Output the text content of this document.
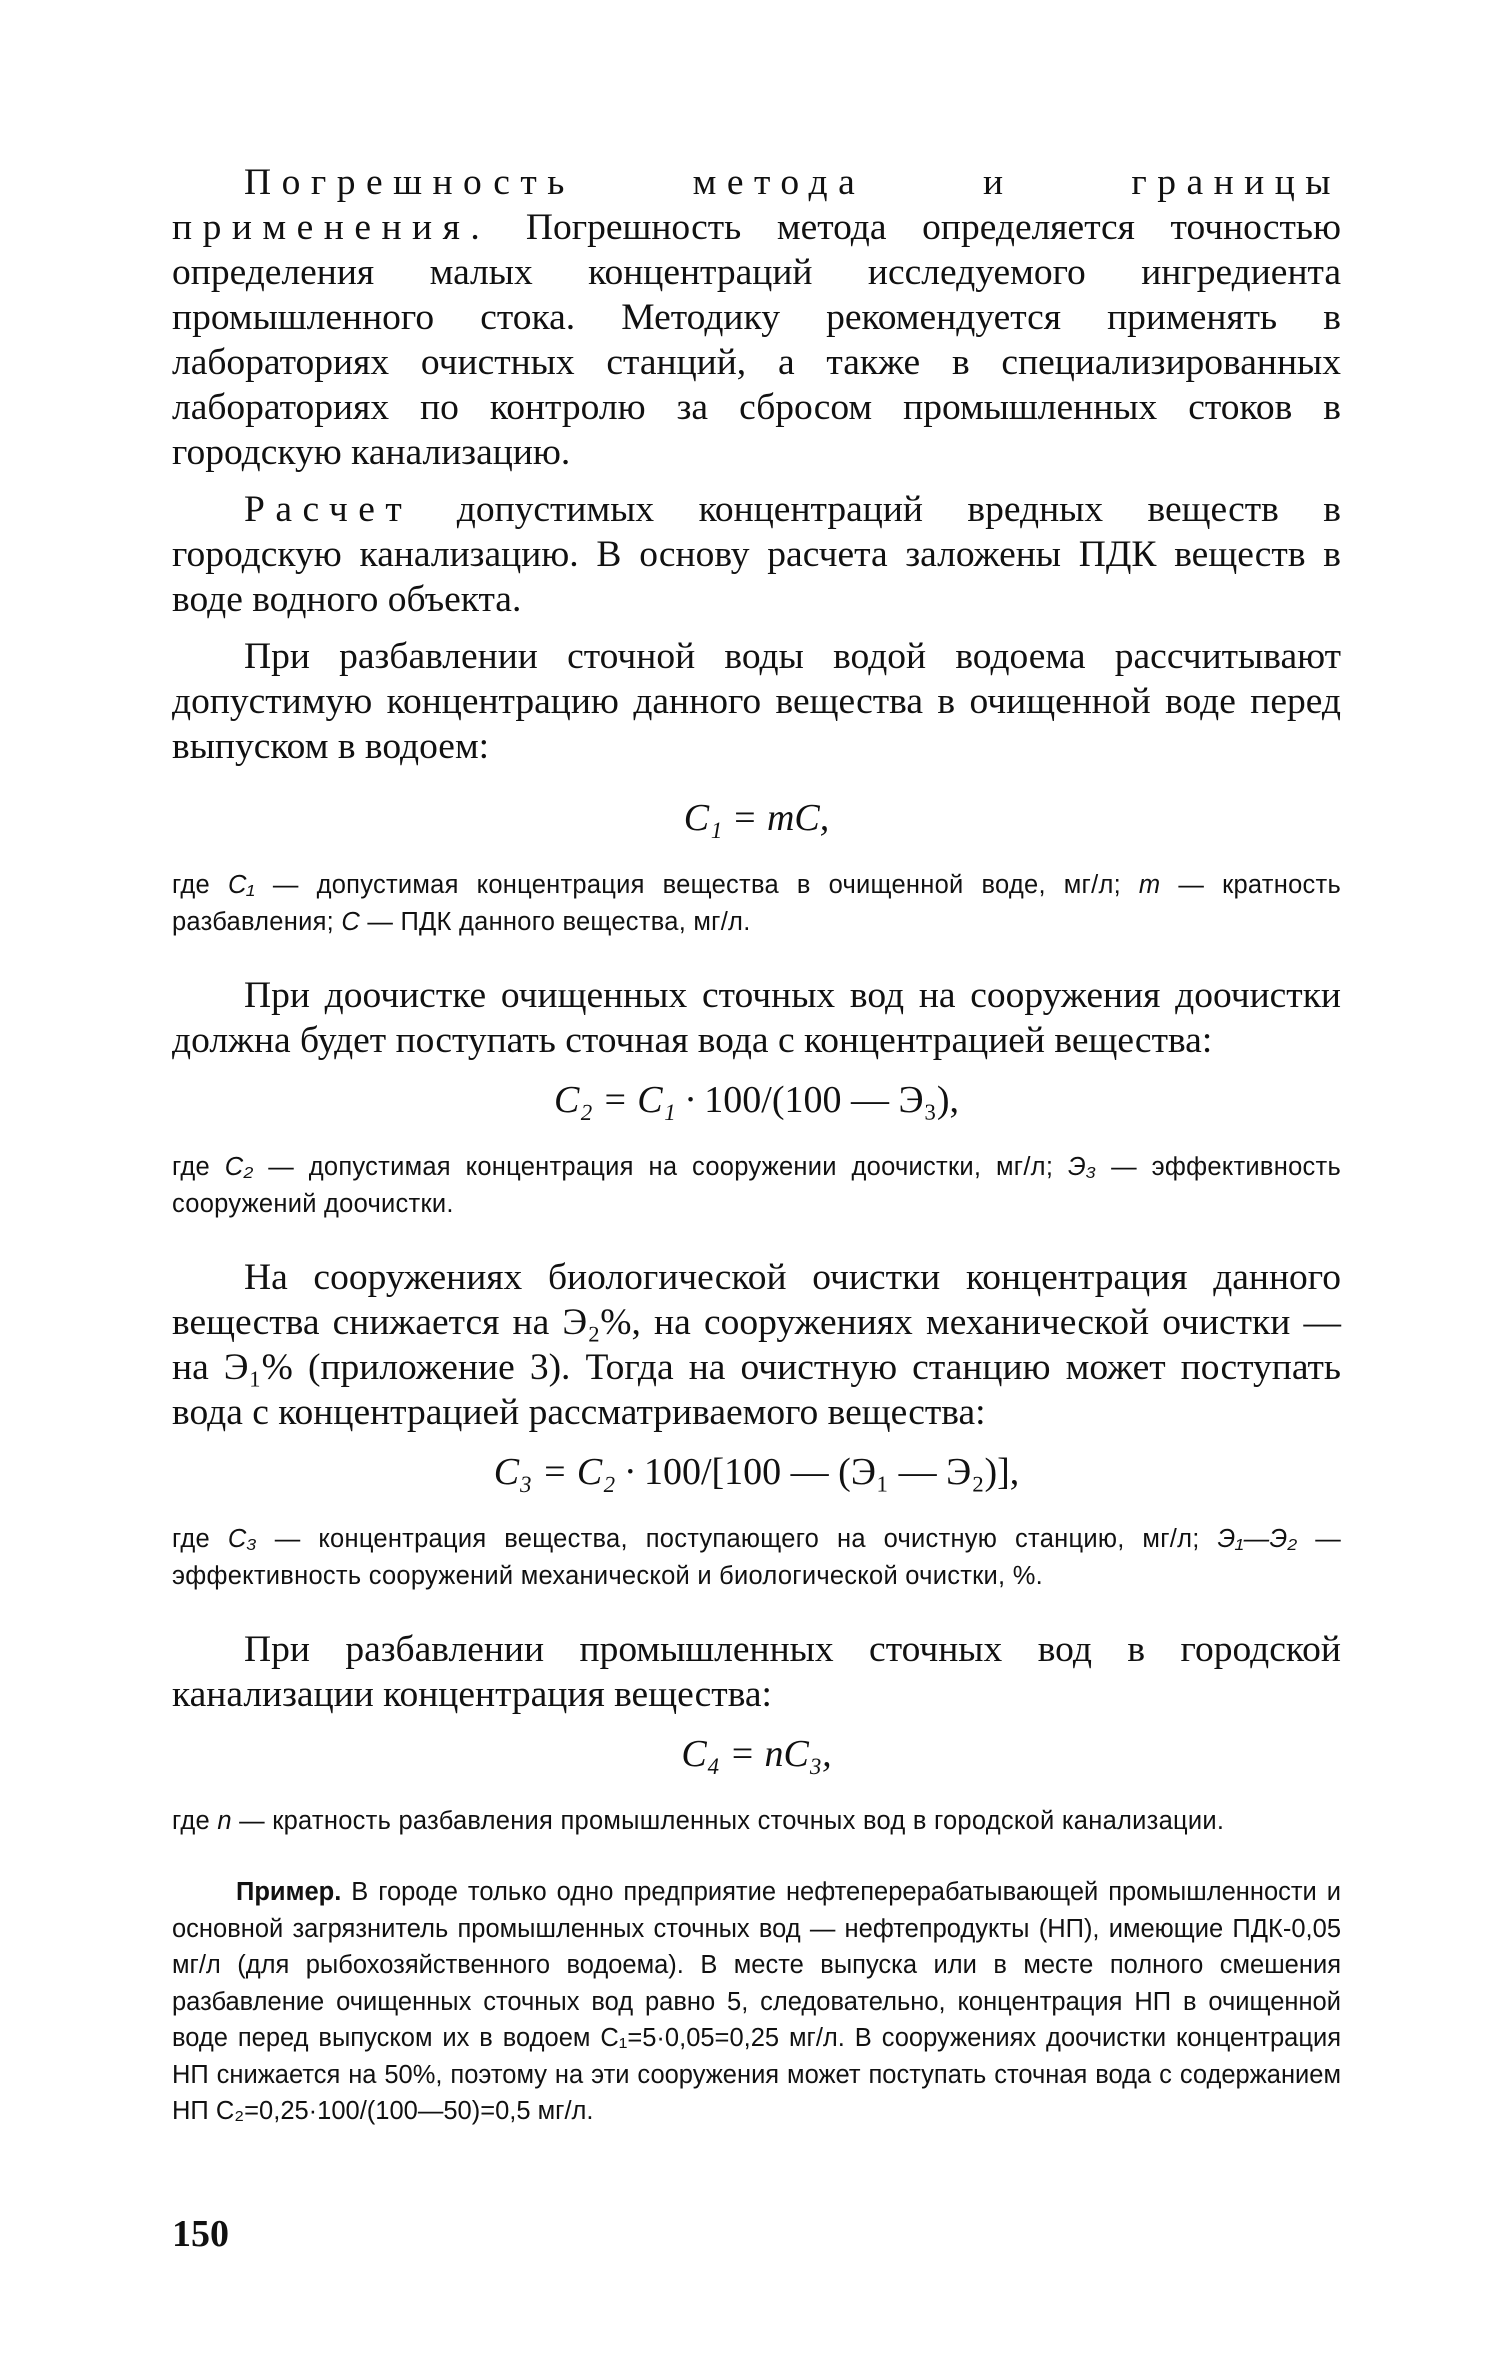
Погрешность метода и границы применения. Погрешность метода определяется точностью определения малых концентраций исследуемого ингредиента промышленного стока. Методику рекомендуется применять в лабораториях очистных станций, а также в специализированных лабораториях по контролю за сбросом промышленных стоков в городскую канализацию.

Расчет допустимых концентраций вредных веществ в городскую канализацию. В основу расчета заложены ПДК веществ в воде водного объекта.

При разбавлении сточной воды водой водоема рассчитывают допустимую концентрацию данного вещества в очищенной воде перед выпуском в водоем:

C₁ = mC,

где C₁ — допустимая концентрация вещества в очищенной воде, мг/л; m — кратность разбавления; C — ПДК данного вещества, мг/л.

При доочистке очищенных сточных вод на сооружения доочистки должна будет поступать сточная вода с концентрацией вещества:

C₂ = C₁ · 100/(100 — Э₃),

где C₂ — допустимая концентрация на сооружении доочистки, мг/л; Э₃ — эффективность сооружений доочистки.

На сооружениях биологической очистки концентрация данного вещества снижается на Э₂%, на сооружениях механической очистки — на Э₁% (приложение 3). Тогда на очистную станцию может поступать вода с концентрацией рассматриваемого вещества:

C₃ = C₂ · 100/[100 — (Э₁ — Э₂)],

где C₃ — концентрация вещества, поступающего на очистную станцию, мг/л; Э₁—Э₂ — эффективность сооружений механической и биологической очистки, %.

При разбавлении промышленных сточных вод в городской канализации концентрация вещества:

C₄ = nC₃,

где n — кратность разбавления промышленных сточных вод в городской канализации.

Пример. В городе только одно предприятие нефтеперерабатывающей промышленности и основной загрязнитель промышленных сточных вод — нефтепродукты (НП), имеющие ПДК-0,05 мг/л (для рыбохозяйственного водоема). В месте выпуска или в месте полного смешения разбавление очищенных сточных вод равно 5, следовательно, концентрация НП в очищенной воде перед выпуском их в водоем C₁=5·0,05=0,25 мг/л. В сооружениях доочистки концентрация НП снижается на 50%, поэтому на эти сооружения может поступать сточная вода с содержанием НП C₂=0,25·100/(100—50)=0,5 мг/л.

150
